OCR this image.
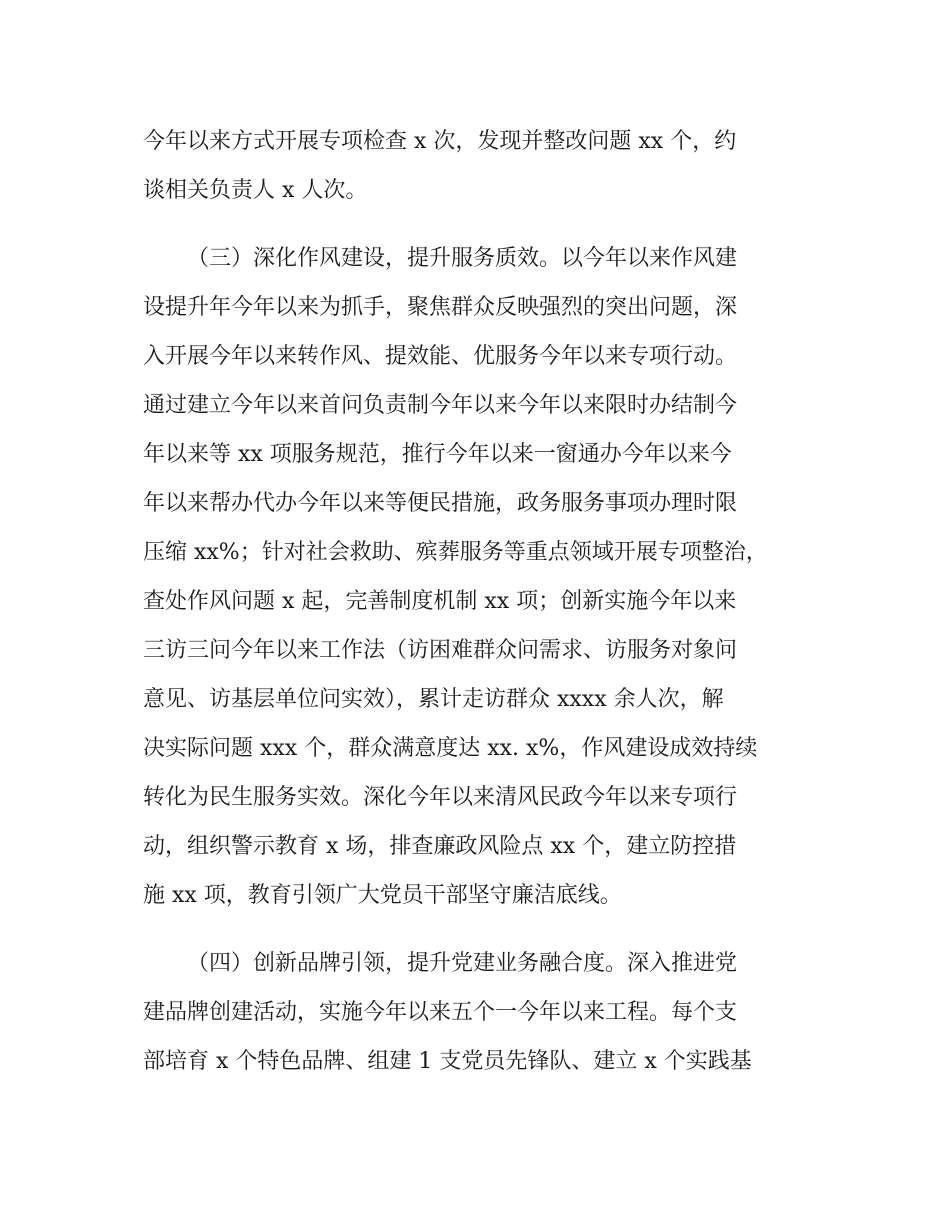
今年以来方式开展专项检查 x 次，发现并整改问题 xx 个，约
谈相关负责人 x 人次。
（三）深化作风建设，提升服务质效。以今年以来作风建
设提升年今年以来为抓手，聚焦群众反映强烈的突出问题，深
入开展今年以来转作风、提效能、优服务今年以来专项行动。
通过建立今年以来首问负责制今年以来今年以来限时办结制今
年以来等 xx 项服务规范，推行今年以来一窗通办今年以来今
年以来帮办代办今年以来等便民措施，政务服务事项办理时限
压缩 xx%；针对社会救助、殡葬服务等重点领域开展专项整治，
查处作风问题 x 起，完善制度机制 xx 项；创新实施今年以来
三访三问今年以来工作法（访困难群众问需求、访服务对象问
意见、访基层单位问实效），累计走访群众 xxxx 余人次，解
决实际问题 xxx 个，群众满意度达 xx. x%，作风建设成效持续
转化为民生服务实效。深化今年以来清风民政今年以来专项行
动，组织警示教育 x 场，排查廉政风险点 xx 个，建立防控措
施 xx 项，教育引领广大党员干部坚守廉洁底线。
（四）创新品牌引领，提升党建业务融合度。深入推进党
建品牌创建活动，实施今年以来五个一今年以来工程。每个支
部培育 x 个特色品牌、组建 1 支党员先锋队、建立 x 个实践基
